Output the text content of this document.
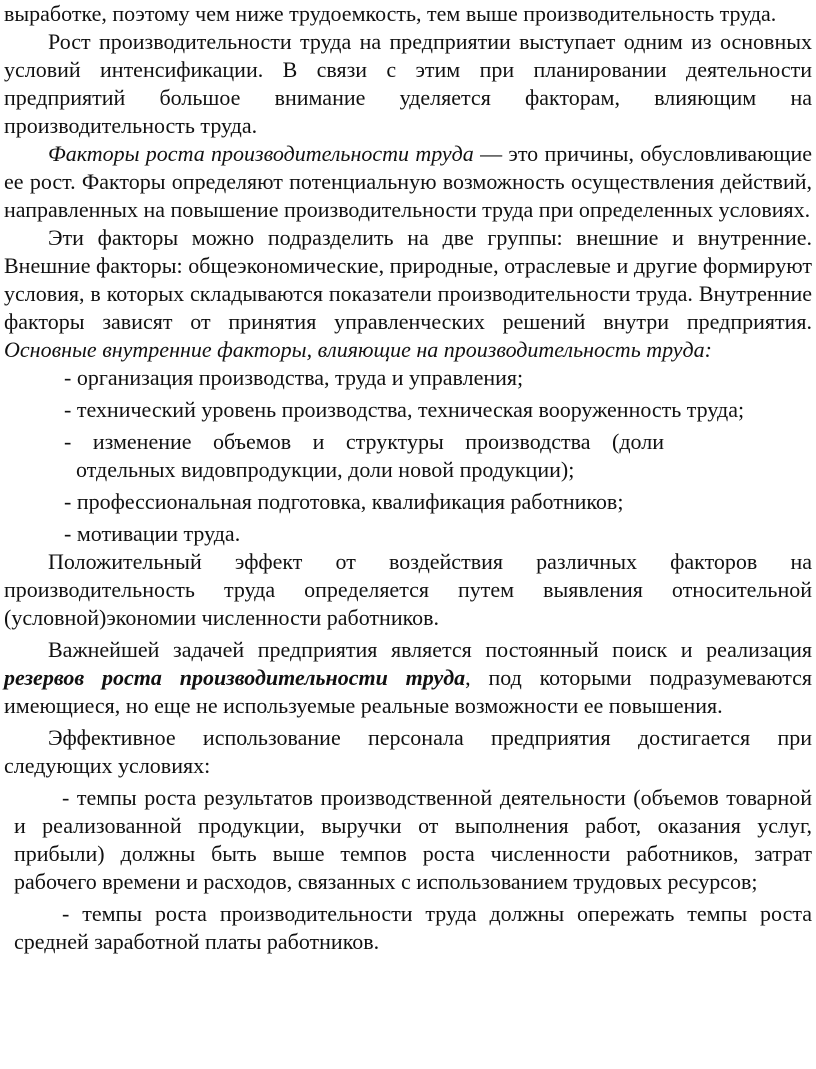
выработке, поэтому чем ниже трудоемкость, тем выше производительность труда.

Рост производительности труда на предприятии выступает одним из основных условий интенсификации. В связи с этим при планировании деятельности предприятий большое внимание уделяется факторам, влияющим на производительность труда.

Факторы роста производительности труда — это причины, обусловливающие ее рост. Факторы определяют потенциальную возможность осуществления действий, направленных на повышение производительности труда при определенных условиях.

Эти факторы можно подразделить на две группы: внешние и внутренние. Внешние факторы: общеэкономические, природные, отраслевые и другие формируют условия, в которых складываются показатели производительности труда. Внутренние факторы зависят от принятия управленческих решений внутри предприятия. Основные внутренние факторы, влияющие на производительность труда:

- организация производства, труда и управления;

- технический уровень производства, техническая вооруженность труда;

- изменение объемов и структуры производства (доли

отдельных видовпродукции, доли новой продукции);

- профессиональная подготовка, квалификация работников;

- мотивации труда.

Положительный эффект от воздействия различных факторов на производительность труда определяется путем выявления относительной (условной)экономии численности работников.

Важнейшей задачей предприятия является постоянный поиск и реализация резервов роста производительности труда, под которыми подразумеваются имеющиеся, но еще не используемые реальные возможности ее повышения.

Эффективное использование персонала предприятия достигается при следующих условиях:

- темпы роста результатов производственной деятельности (объемов товарной и реализованной продукции, выручки от выполнения работ, оказания услуг, прибыли) должны быть выше темпов роста численности работников, затрат рабочего времени и расходов, связанных с использованием трудовых ресурсов;

- темпы роста производительности труда должны опережать темпы роста средней заработной платы работников.
